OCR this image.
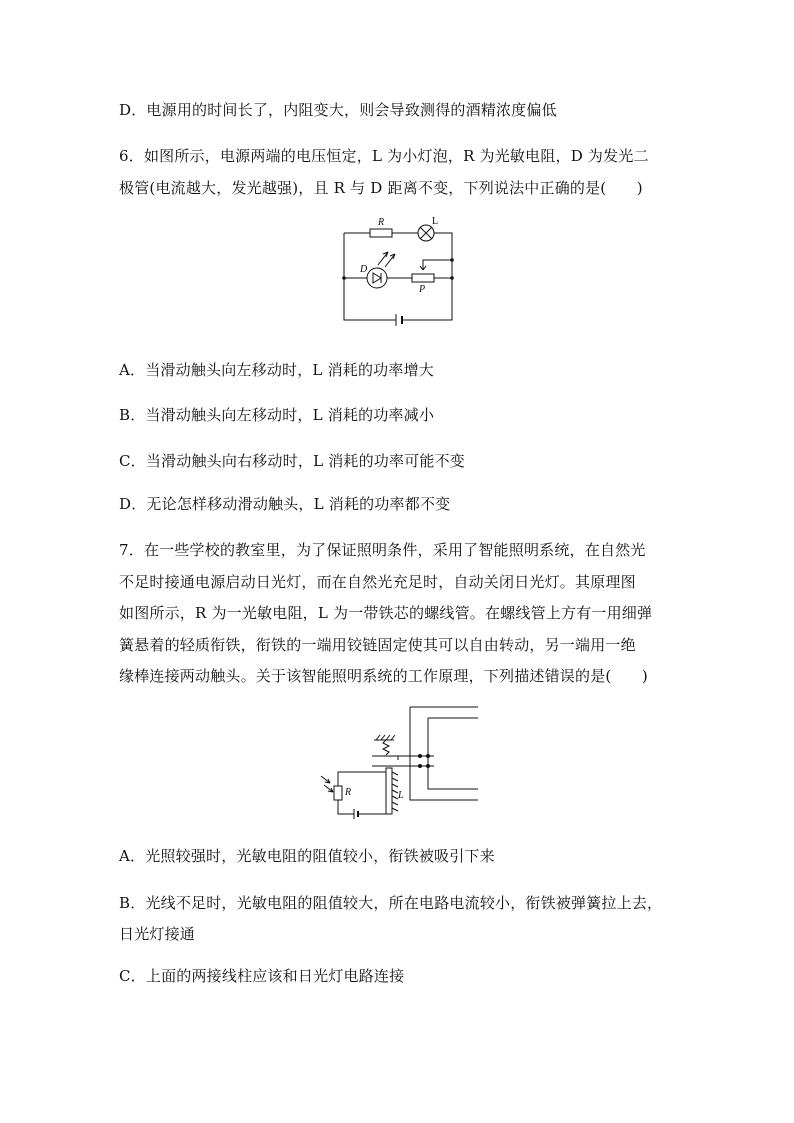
D．电源用的时间长了，内阻变大，则会导致测得的酒精浓度偏低
6．如图所示，电源两端的电压恒定，L 为小灯泡，R 为光敏电阻，D 为发光二
极管(电流越大，发光越强)，且 R 与 D 距离不变，下列说法中正确的是(　　)
R	L
D
P
A．当滑动触头向左移动时，L 消耗的功率增大
B．当滑动触头向左移动时，L 消耗的功率减小
C．当滑动触头向右移动时，L 消耗的功率可能不变
D．无论怎样移动滑动触头，L 消耗的功率都不变
7．在一些学校的教室里，为了保证照明条件，采用了智能照明系统，在自然光
不足时接通电源启动日光灯，而在自然光充足时，自动关闭日光灯。其原理图
如图所示，R 为一光敏电阻，L 为一带铁芯的螺线管。在螺线管上方有一用细弹
簧悬着的轻质衔铁，衔铁的一端用铰链固定使其可以自由转动，另一端用一绝
缘棒连接两动触头。关于该智能照明系统的工作原理，下列描述错误的是(　　)
R	L
A．光照较强时，光敏电阻的阻值较小，衔铁被吸引下来
B．光线不足时，光敏电阻的阻值较大，所在电路电流较小，衔铁被弹簧拉上去，
日光灯接通
C．上面的两接线柱应该和日光灯电路连接
